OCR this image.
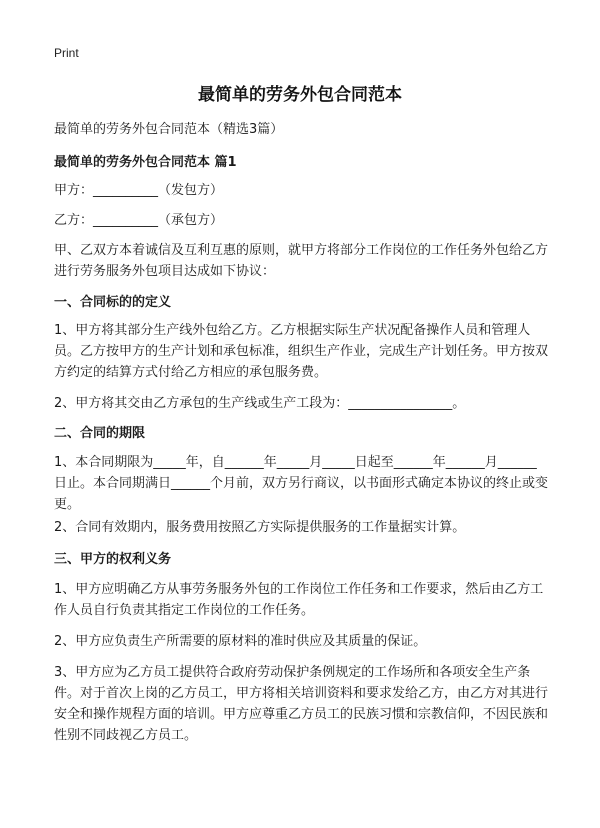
Print
最简单的劳务外包合同范本
最简单的劳务外包合同范本（精选3篇）
最简单的劳务外包合同范本 篇1
甲方：__________（发包方）
乙方：__________（承包方）
甲、乙双方本着诚信及互利互惠的原则，就甲方将部分工作岗位的工作任务外包给乙方进行劳务服务外包项目达成如下协议：
一、合同标的的定义
1、甲方将其部分生产线外包给乙方。乙方根据实际生产状况配备操作人员和管理人员。乙方按甲方的生产计划和承包标准，组织生产作业，完成生产计划任务。甲方按双方约定的结算方式付给乙方相应的承包服务费。
2、甲方将其交由乙方承包的生产线或生产工段为：________________。
二、合同的期限
1、本合同期限为_____年，自______年_____月_____日起至______年______月______日止。本合同期满日______个月前，双方另行商议，以书面形式确定本协议的终止或变更。
2、合同有效期内，服务费用按照乙方实际提供服务的工作量据实计算。
三、甲方的权利义务
1、甲方应明确乙方从事劳务服务外包的工作岗位工作任务和工作要求，然后由乙方工作人员自行负责其指定工作岗位的工作任务。
2、甲方应负责生产所需要的原材料的准时供应及其质量的保证。
3、甲方应为乙方员工提供符合政府劳动保护条例规定的工作场所和各项安全生产条件。对于首次上岗的乙方员工，甲方将相关培训资料和要求发给乙方，由乙方对其进行安全和操作规程方面的培训。甲方应尊重乙方员工的民族习惯和宗教信仰，不因民族和性别不同歧视乙方员工。
